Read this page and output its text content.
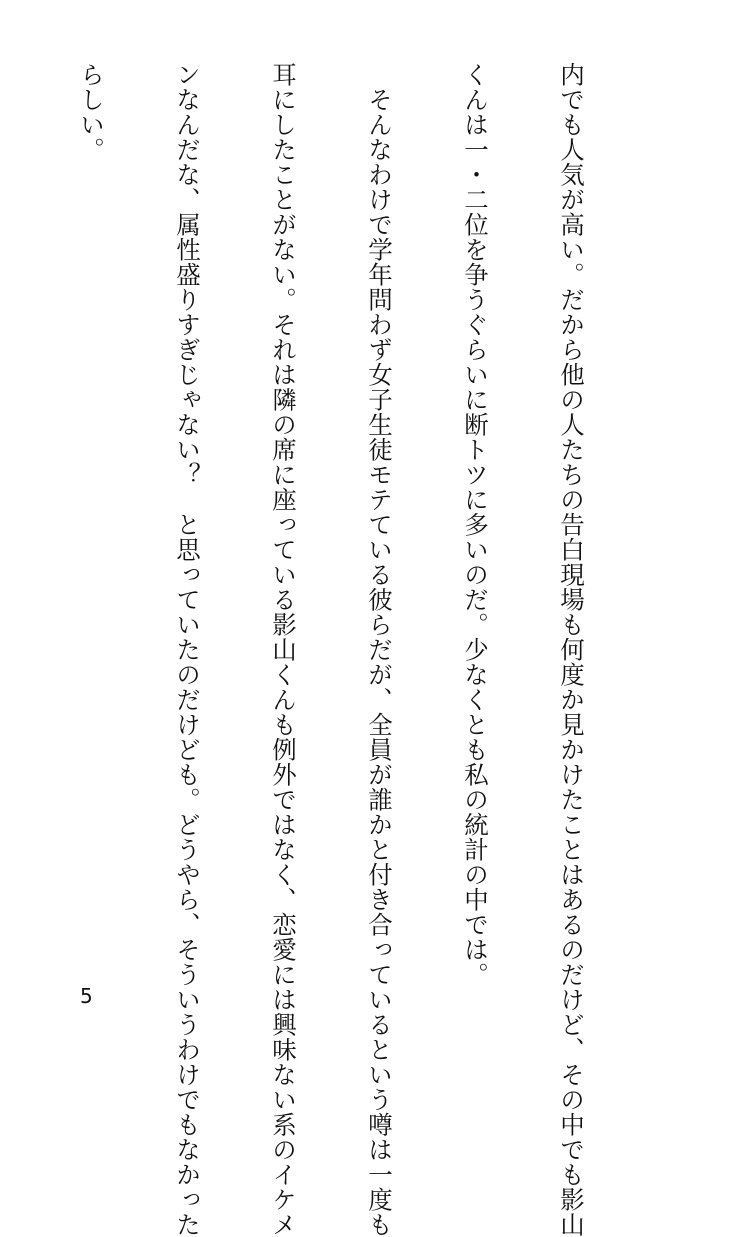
内でも人気が高い。だから他の人たちの告白現場も何度か見かけたことはあるのだけど、その中でも影山

くんは一・二位を争うぐらいに断トツに多いのだ。少なくとも私の統計の中では。

　そんなわけで学年問わず女子生徒モテている彼らだが、全員が誰かと付き合っているという噂は一度も

耳にしたことがない。それは隣の席に座っている影山くんも例外ではなく、恋愛には興味ない系のイケメ

ンなんだな、属性盛りすぎじゃない？　と思っていたのだけども。どうやら、そういうわけでもなかった

らしい。

5
